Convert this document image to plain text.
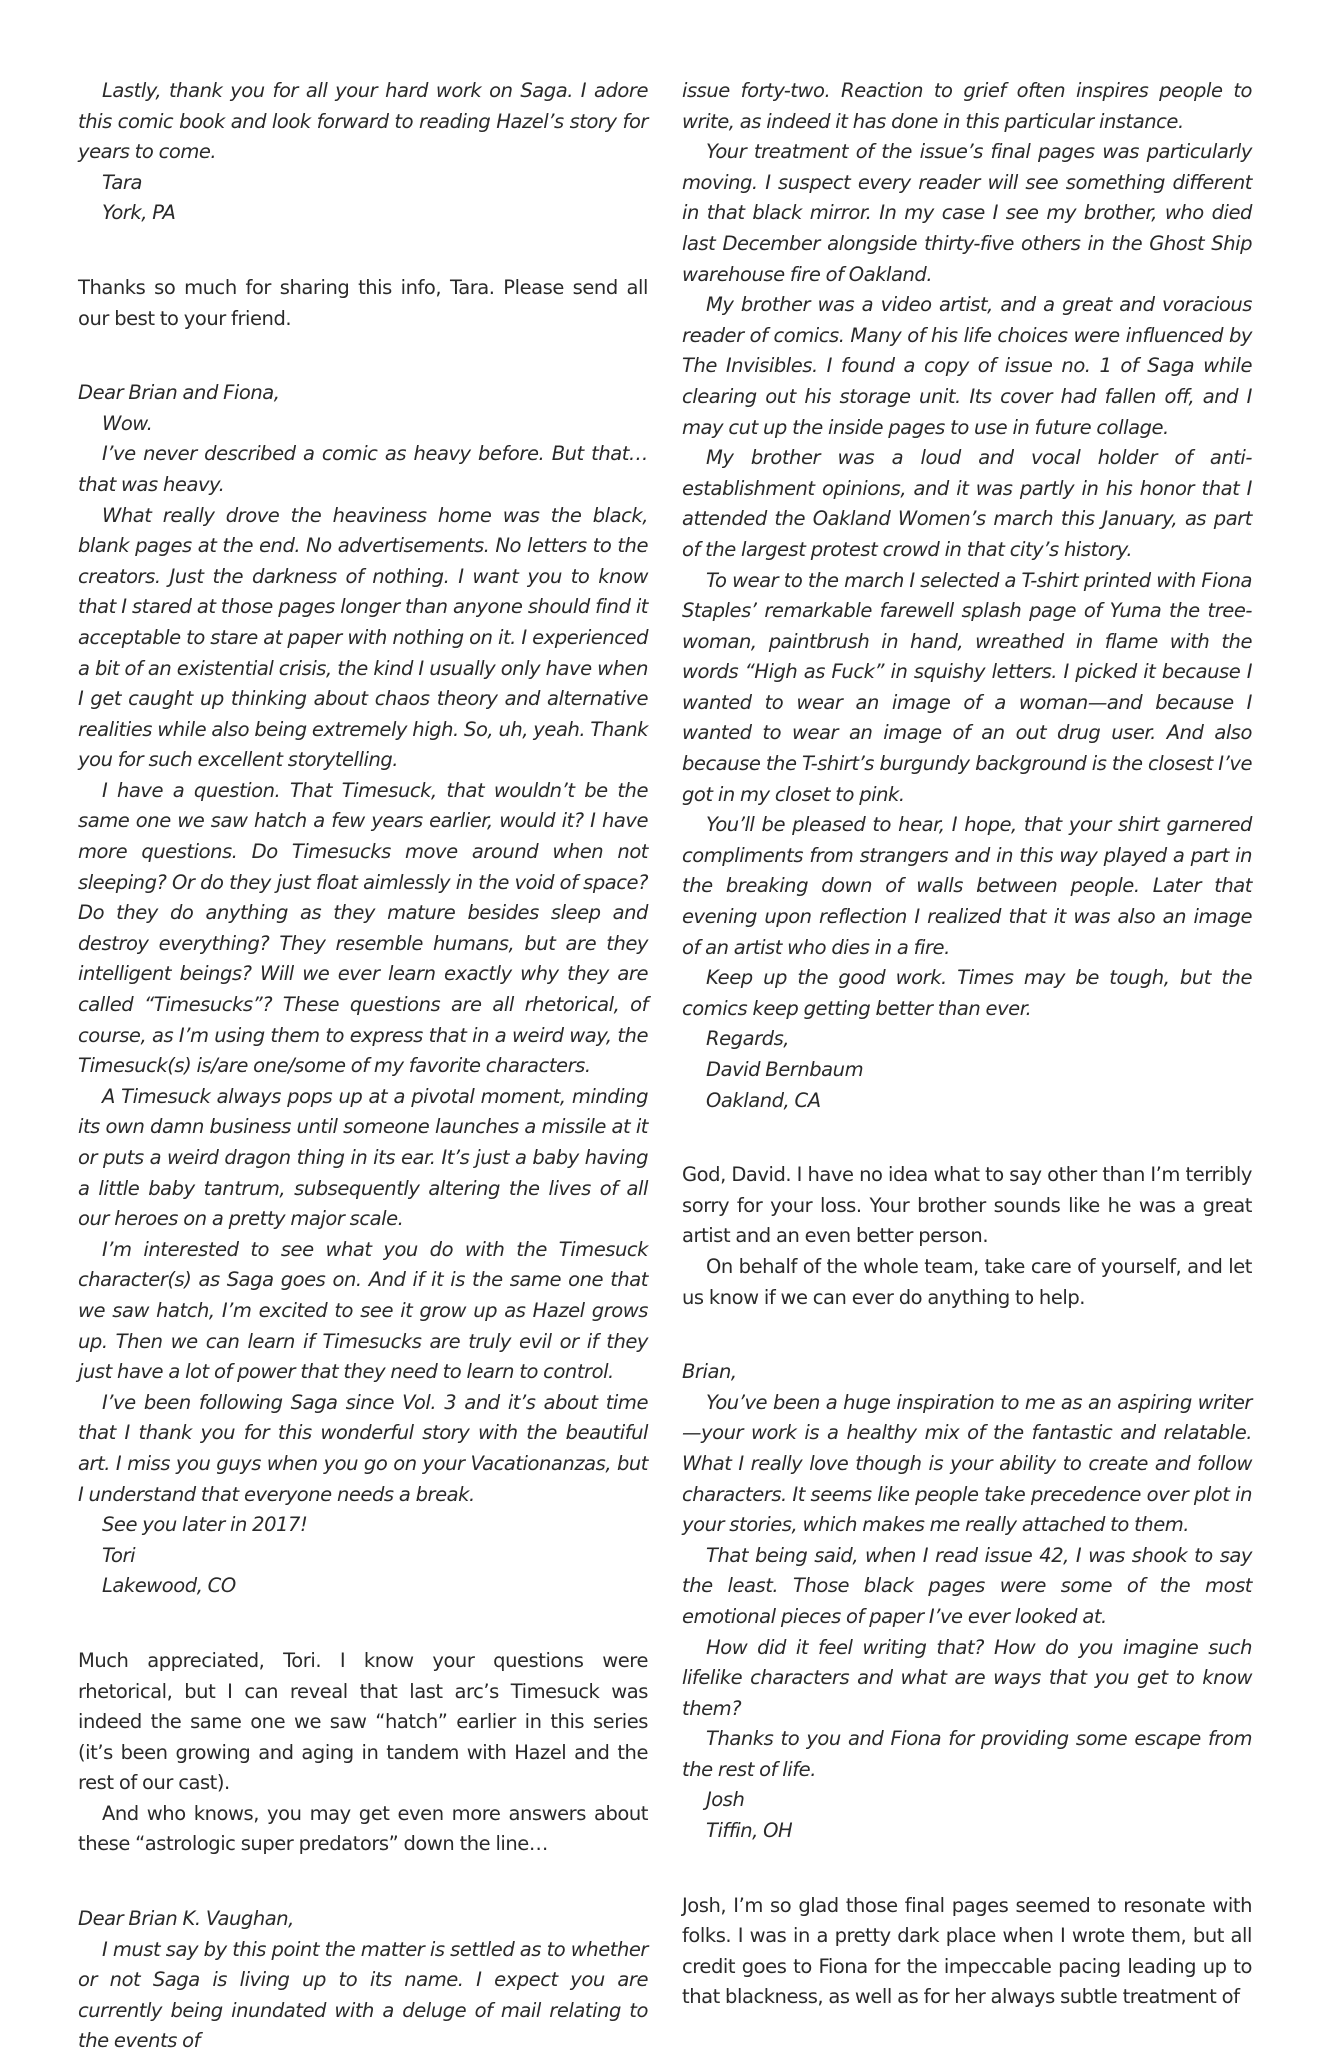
Lastly, thank you for all your hard work on Saga. I adore this comic book and look forward to reading Hazel’s story for years to come.

Tara

York, PA

Thanks so much for sharing this info, Tara. Please send all our best to your friend.

Dear Brian and Fiona,

Wow.

I’ve never described a comic as heavy before. But that… that was heavy.

What really drove the heaviness home was the black, blank pages at the end. No advertisements. No letters to the creators. Just the darkness of nothing. I want you to know that I stared at those pages longer than anyone should find it acceptable to stare at paper with nothing on it. I experienced a bit of an existential crisis, the kind I usually only have when I get caught up thinking about chaos theory and alternative realities while also being extremely high. So, uh, yeah. Thank you for such excellent storytelling.

I have a question. That Timesuck, that wouldn’t be the same one we saw hatch a few years earlier, would it? I have more questions. Do Timesucks move around when not sleeping? Or do they just float aimlessly in the void of space? Do they do anything as they mature besides sleep and destroy everything? They resemble humans, but are they intelligent beings? Will we ever learn exactly why they are called “Timesucks”? These questions are all rhetorical, of course, as I’m using them to express that in a weird way, the Timesuck(s) is/are one/some of my favorite characters.

A Timesuck always pops up at a pivotal moment, minding its own damn business until someone launches a missile at it or puts a weird dragon thing in its ear. It’s just a baby having a little baby tantrum, subsequently altering the lives of all our heroes on a pretty major scale.

I’m interested to see what you do with the Timesuck character(s) as Saga goes on. And if it is the same one that we saw hatch, I’m excited to see it grow up as Hazel grows up. Then we can learn if Timesucks are truly evil or if they just have a lot of power that they need to learn to control.

I’ve been following Saga since Vol. 3 and it’s about time that I thank you for this wonderful story with the beautiful art. I miss you guys when you go on your Vacationanzas, but I understand that everyone needs a break.

See you later in 2017!

Tori

Lakewood, CO

Much appreciated, Tori. I know your questions were rhetorical, but I can reveal that last arc’s Timesuck was indeed the same one we saw “hatch” earlier in this series (it’s been growing and aging in tandem with Hazel and the rest of our cast).

And who knows, you may get even more answers about these “astrologic super predators” down the line…

Dear Brian K. Vaughan,

I must say by this point the matter is settled as to whether or not Saga is living up to its name. I expect you are currently being inundated with a deluge of mail relating to the events of

issue forty-two. Reaction to grief often inspires people to write, as indeed it has done in this particular instance.

Your treatment of the issue’s final pages was particularly moving. I suspect every reader will see something different in that black mirror. In my case I see my brother, who died last December alongside thirty-five others in the Ghost Ship warehouse fire of Oakland.

My brother was a video artist, and a great and voracious reader of comics. Many of his life choices were influenced by The Invisibles. I found a copy of issue no. 1 of Saga while clearing out his storage unit. Its cover had fallen off, and I may cut up the inside pages to use in future collage.

My brother was a loud and vocal holder of anti-establishment opinions, and it was partly in his honor that I attended the Oakland Women’s march this January, as part of the largest protest crowd in that city’s history.

To wear to the march I selected a T-shirt printed with Fiona Staples’ remarkable farewell splash page of Yuma the tree-woman, paintbrush in hand, wreathed in flame with the words “High as Fuck” in squishy letters. I picked it because I wanted to wear an image of a woman—and because I wanted to wear an image of an out drug user. And also because the T-shirt’s burgundy background is the closest I’ve got in my closet to pink.

You’ll be pleased to hear, I hope, that your shirt garnered compliments from strangers and in this way played a part in the breaking down of walls between people. Later that evening upon reflection I realized that it was also an image of an artist who dies in a fire.

Keep up the good work. Times may be tough, but the comics keep getting better than ever.

Regards,

David Bernbaum

Oakland, CA

God, David. I have no idea what to say other than I’m terribly sorry for your loss. Your brother sounds like he was a great artist and an even better person.

On behalf of the whole team, take care of yourself, and let us know if we can ever do anything to help.

Brian,

You’ve been a huge inspiration to me as an aspiring writer—your work is a healthy mix of the fantastic and relatable. What I really love though is your ability to create and follow characters. It seems like people take precedence over plot in your stories, which makes me really attached to them.

That being said, when I read issue 42, I was shook to say the least. Those black pages were some of the most emotional pieces of paper I’ve ever looked at.

How did it feel writing that? How do you imagine such lifelike characters and what are ways that you get to know them?

Thanks to you and Fiona for providing some escape from the rest of life.

Josh

Tiffin, OH

Josh, I’m so glad those final pages seemed to resonate with folks. I was in a pretty dark place when I wrote them, but all credit goes to Fiona for the impeccable pacing leading up to that blackness, as well as for her always subtle treatment of
